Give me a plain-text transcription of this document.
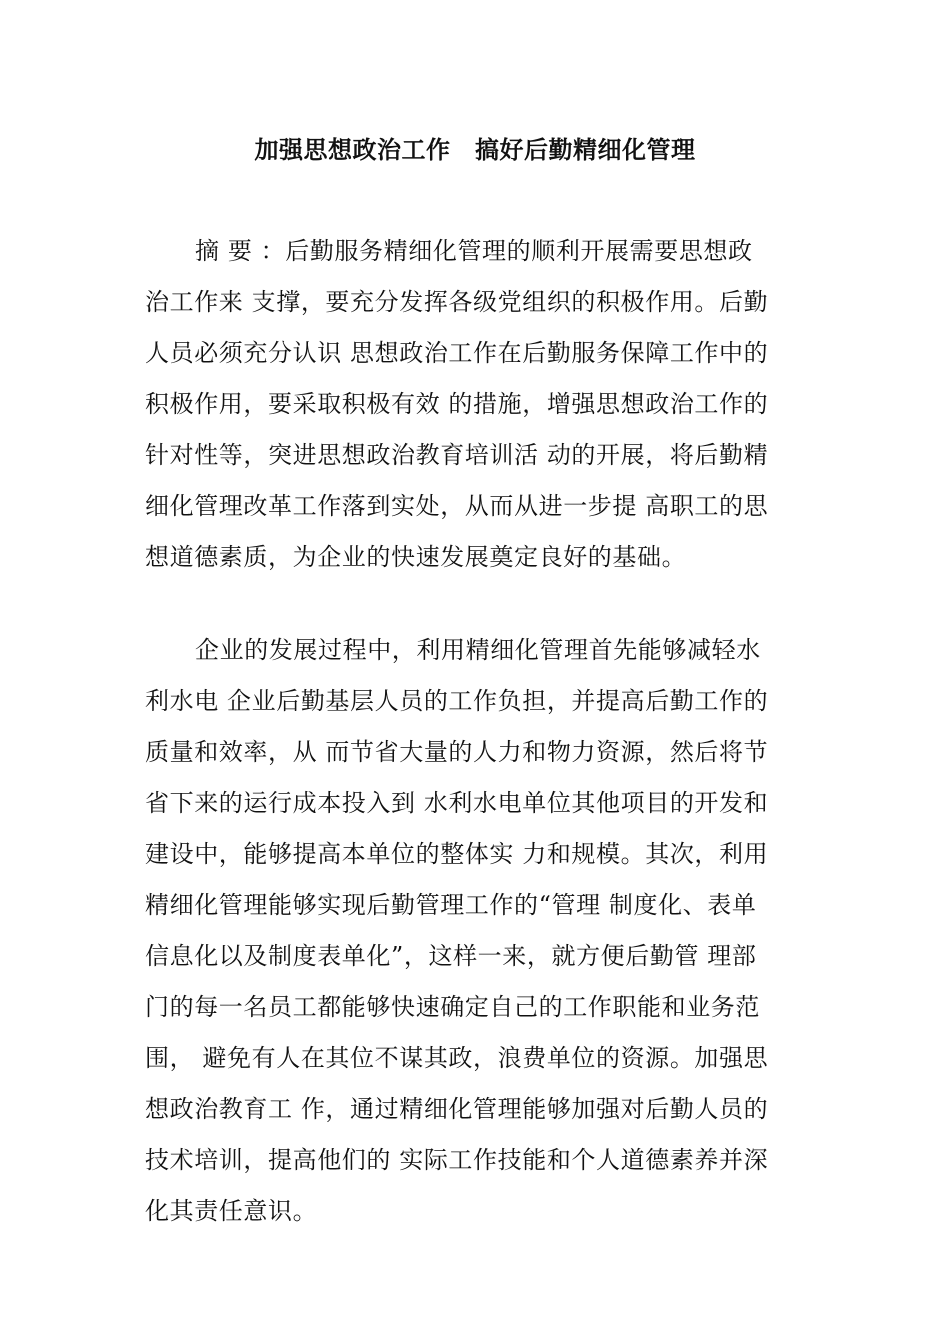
加强思想政治工作　搞好后勤精细化管理
摘 要 ：后勤服务精细化管理的顺利开展需要思想政
治工作来 支撑，要充分发挥各级党组织的积极作用。后勤
人员必须充分认识 思想政治工作在后勤服务保障工作中的
积极作用，要采取积极有效 的措施，增强思想政治工作的
针对性等，突进思想政治教育培训活 动的开展，将后勤精
细化管理改革工作落到实处，从而从进一步提 高职工的思
想道德素质，为企业的快速发展奠定良好的基础。
企业的发展过程中，利用精细化管理首先能够减轻水
利水电 企业后勤基层人员的工作负担，并提高后勤工作的
质量和效率，从 而节省大量的人力和物力资源，然后将节
省下来的运行成本投入到 水利水电单位其他项目的开发和
建设中，能够提高本单位的整体实 力和规模。其次，利用
精细化管理能够实现后勤管理工作的“管理 制度化、表单
信息化以及制度表单化”，这样一来，就方便后勤管 理部
门的每一名员工都能够快速确定自己的工作职能和业务范
围， 避免有人在其位不谋其政，浪费单位的资源。加强思
想政治教育工 作，通过精细化管理能够加强对后勤人员的
技术培训，提高他们的 实际工作技能和个人道德素养并深
化其责任意识。
